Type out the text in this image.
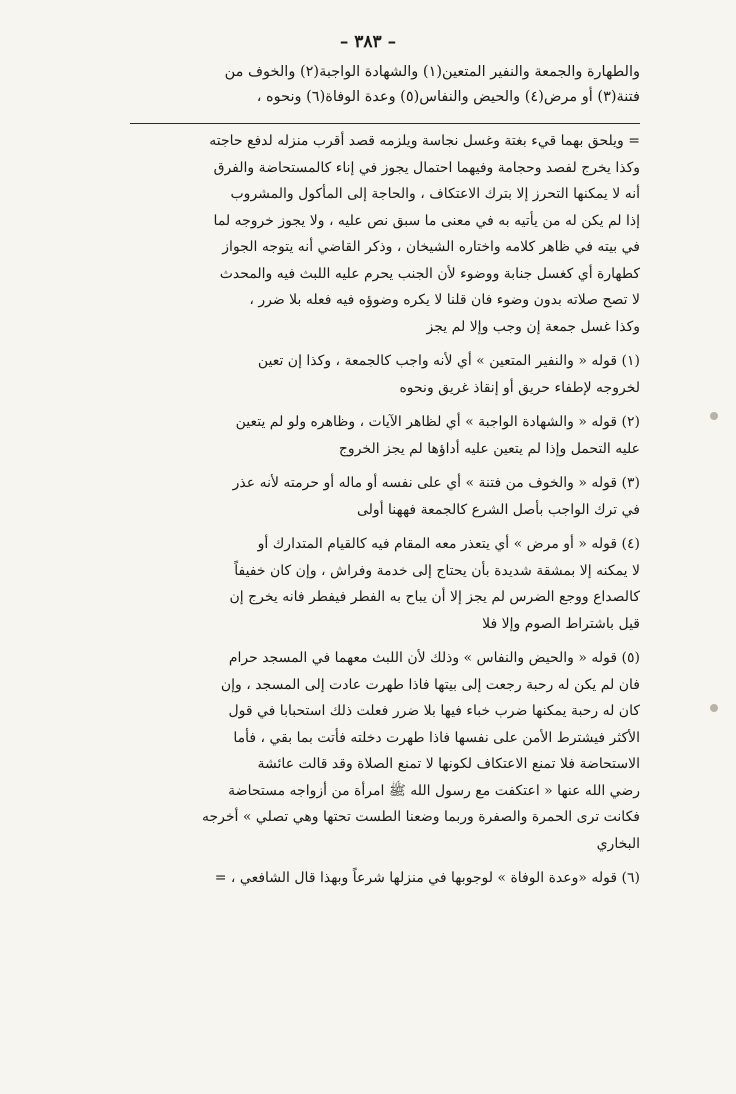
– ٣٨٣ –
والطهارة والجمعة والنفير المتعين(١) والشهادة الواجبة(٢) والخوف من
فتنة(٣) أو مرض(٤) والحيض والنفاس(٥) وعدة الوفاة(٦) ونحوه ،
= ويلحق بهما قيء بغتة وغسل نجاسة ويلزمه قصد أقرب منزله لدفع حاجته
وكذا يخرج لفصد وحجامة وفيهما احتمال يجوز في إناء كالمستحاضة والفرق
أنه لا يمكنها التحرز إلا بترك الاعتكاف ، والحاجة إلى المأكول والمشروب
إذا لم يكن له من يأتيه به في معنى ما سبق نص عليه ، ولا يجوز خروجه لما
في بيته في ظاهر كلامه واختاره الشيخان ، وذكر القاضي أنه يتوجه الجواز
كطهارة أي كغسل جنابة ووضوء لأن الجنب يحرم عليه اللبث فيه والمحدث
لا تصح صلاته بدون وضوء فان قلنا لا يكره وضوؤه فيه فعله بلا ضرر ،
وكذا غسل جمعة إن وجب وإلا لم يجز
(١) قوله « والنفير المتعين » أي لأنه واجب كالجمعة ، وكذا إن تعين
لخروجه لإطفاء حريق أو إنقاذ غريق ونحوه
(٢) قوله « والشهادة الواجبة » أي لظاهر الآيات ، وظاهره ولو لم يتعين
عليه التحمل وإذا لم يتعين عليه أداؤها لم يجز الخروج
(٣) قوله « والخوف من فتنة » أي على نفسه أو ماله أو حرمته لأنه عذر
في ترك الواجب بأصل الشرع كالجمعة فههنا أولى
(٤) قوله « أو مرض » أي يتعذر معه المقام فيه كالقيام المتدارك أو
لا يمكنه إلا بمشقة شديدة بأن يحتاج إلى خدمة وفراش ، وإن كان خفيفاً
كالصداع ووجع الضرس لم يجز إلا أن يباح به الفطر فيفطر فانه يخرج إن
قيل باشتراط الصوم وإلا فلا
(٥) قوله « والحيض والنفاس » وذلك لأن اللبث معهما في المسجد حرام
فان لم يكن له رحبة رجعت إلى بيتها فاذا طهرت عادت إلى المسجد ، وإن
كان له رحبة يمكنها ضرب خباء فيها بلا ضرر فعلت ذلك استحبابا في قول
الأكثر فيشترط الأمن على نفسها فاذا طهرت دخلته فأتت بما بقي ، فأما
الاستحاضة فلا تمنع الاعتكاف لكونها لا تمنع الصلاة وقد قالت عائشة
رضي الله عنها « اعتكفت مع رسول الله ﷺ امرأة من أزواجه مستحاضة
فكانت ترى الحمرة والصفرة وربما وضعنا الطست تحتها وهي تصلي » أخرجه
البخاري
(٦) قوله «وعدة الوفاة » لوجوبها في منزلها شرعاً وبهذا قال الشافعي ، =
